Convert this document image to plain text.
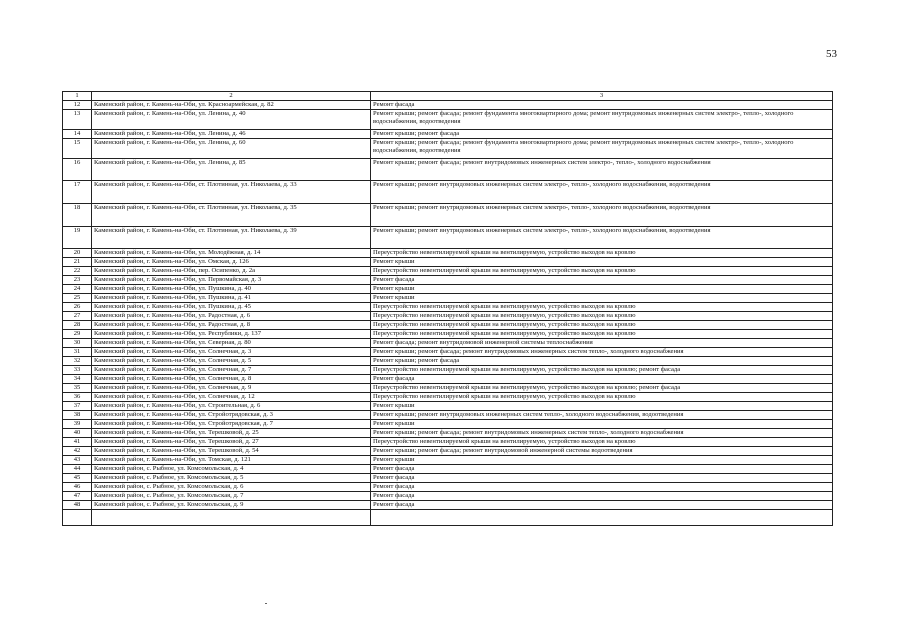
53
1	2	3
12	Каменский район, г. Камень-на-Оби, ул. Красноармейская, д. 82	Ремонт фасада
13	Каменский район, г. Камень-на-Оби, ул. Ленина, д. 40	Ремонт крыши; ремонт фасада; ремонт фундамента многоквартирного дома; ремонт внутридомовых инженерных систем электро-, тепло-, холодного водоснабжения, водоотведения
14	Каменский район, г. Камень-на-Оби, ул. Ленина, д. 46	Ремонт крыши; ремонт фасада
15	Каменский район, г. Камень-на-Оби, ул. Ленина, д. 60	Ремонт крыши; ремонт фасада; ремонт фундамента многоквартирного дома; ремонт внутридомовых инженерных систем электро-, тепло-, холодного водоснабжения, водоотведения
16	Каменский район, г. Камень-на-Оби, ул. Ленина, д. 85	Ремонт крыши; ремонт фасада; ремонт внутридомовых инженерных систем электро-, тепло-, холодного водоснабжения
17	Каменский район, г. Камень-на-Оби, ст. Плотинная, ул. Николаева, д. 33	Ремонт крыши; ремонт внутридомовых инженерных систем электро-, тепло-, холодного водоснабжения, водоотведения
18	Каменский район, г. Камень-на-Оби, ст. Плотинная, ул. Николаева, д. 35	Ремонт крыши; ремонт внутридомовых инженерных систем электро-, тепло-, холодного водоснабжения, водоотведения
19	Каменский район, г. Камень-на-Оби, ст. Плотинная, ул. Николаева, д. 39	Ремонт крыши; ремонт внутридомовых инженерных систем электро-, тепло-, холодного водоснабжения, водоотведения
20	Каменский район, г. Камень-на-Оби, ул. Молодёжная, д. 14	Переустройство невентилируемой крыши на вентилируемую, устройство выходов на кровлю
21	Каменский район, г. Камень-на-Оби, ул. Омская, д. 126	Ремонт крыши
22	Каменский район, г. Камень-на-Оби, пер. Осипенко, д. 2а	Переустройство невентилируемой крыши на вентилируемую, устройство выходов на кровлю
23	Каменский район, г. Камень-на-Оби, ул. Первомайская, д. 3	Ремонт фасада
24	Каменский район, г. Камень-на-Оби, ул. Пушкина, д. 40	Ремонт крыши
25	Каменский район, г. Камень-на-Оби, ул. Пушкина, д. 41	Ремонт крыши
26	Каменский район, г. Камень-на-Оби, ул. Пушкина, д. 45	Переустройство невентилируемой крыши на вентилируемую, устройство выходов на кровлю
27	Каменский район, г. Камень-на-Оби, ул. Радостная, д. 6	Переустройство невентилируемой крыши на вентилируемую, устройство выходов на кровлю
28	Каменский район, г. Камень-на-Оби, ул. Радостная, д. 8	Переустройство невентилируемой крыши на вентилируемую, устройство выходов на кровлю
29	Каменский район, г. Камень-на-Оби, ул. Республики, д. 137	Переустройство невентилируемой крыши на вентилируемую, устройство выходов на кровлю
30	Каменский район, г. Камень-на-Оби, ул. Северная, д. 80	Ремонт фасада; ремонт внутридомовой инженерной системы теплоснабжения
31	Каменский район, г. Камень-на-Оби, ул. Солнечная, д. 3	Ремонт крыши; ремонт фасада; ремонт внутридомовых инженерных систем тепло-, холодного водоснабжения
32	Каменский район, г. Камень-на-Оби, ул. Солнечная, д. 5	Ремонт крыши; ремонт фасада
33	Каменский район, г. Камень-на-Оби, ул. Солнечная, д. 7	Переустройство невентилируемой крыши на вентилируемую, устройство выходов на кровлю; ремонт фасада
34	Каменский район, г. Камень-на-Оби, ул. Солнечная, д. 8	Ремонт фасада
35	Каменский район, г. Камень-на-Оби, ул. Солнечная, д. 9	Переустройство невентилируемой крыши на вентилируемую, устройство выходов на кровлю; ремонт фасада
36	Каменский район, г. Камень-на-Оби, ул. Солнечная, д. 12	Переустройство невентилируемой крыши на вентилируемую, устройство выходов на кровлю
37	Каменский район, г. Камень-на-Оби, ул. Строительная, д. 6	Ремонт крыши
38	Каменский район, г. Камень-на-Оби, ул. Стройотрядовская, д. 3	Ремонт крыши; ремонт внутридомовых инженерных систем тепло-, холодного водоснабжения, водоотведения
39	Каменский район, г. Камень-на-Оби, ул. Стройотрядовская, д. 7	Ремонт крыши
40	Каменский район, г. Камень-на-Оби, ул. Терешковой, д. 25	Ремонт крыши; ремонт фасада; ремонт внутридомовых инженерных систем тепло-, холодного водоснабжения
41	Каменский район, г. Камень-на-Оби, ул. Терешковой, д. 27	Переустройство невентилируемой крыши на вентилируемую, устройство выходов на кровлю
42	Каменский район, г. Камень-на-Оби, ул. Терешковой, д. 54	Ремонт крыши; ремонт фасада; ремонт внутридомовой инженерной системы водоотведения
43	Каменский район, г. Камень-на-Оби, ул. Томская, д. 121	Ремонт крыши
44	Каменский район, с. Рыбное, ул. Комсомольская, д. 4	Ремонт фасада
45	Каменский район, с. Рыбное, ул. Комсомольская, д. 5	Ремонт фасада
46	Каменский район, с. Рыбное, ул. Комсомольская, д. 6	Ремонт фасада
47	Каменский район, с. Рыбное, ул. Комсомольская, д. 7	Ремонт фасада
48	Каменский район, с. Рыбное, ул. Комсомольская, д. 9	Ремонт фасада
